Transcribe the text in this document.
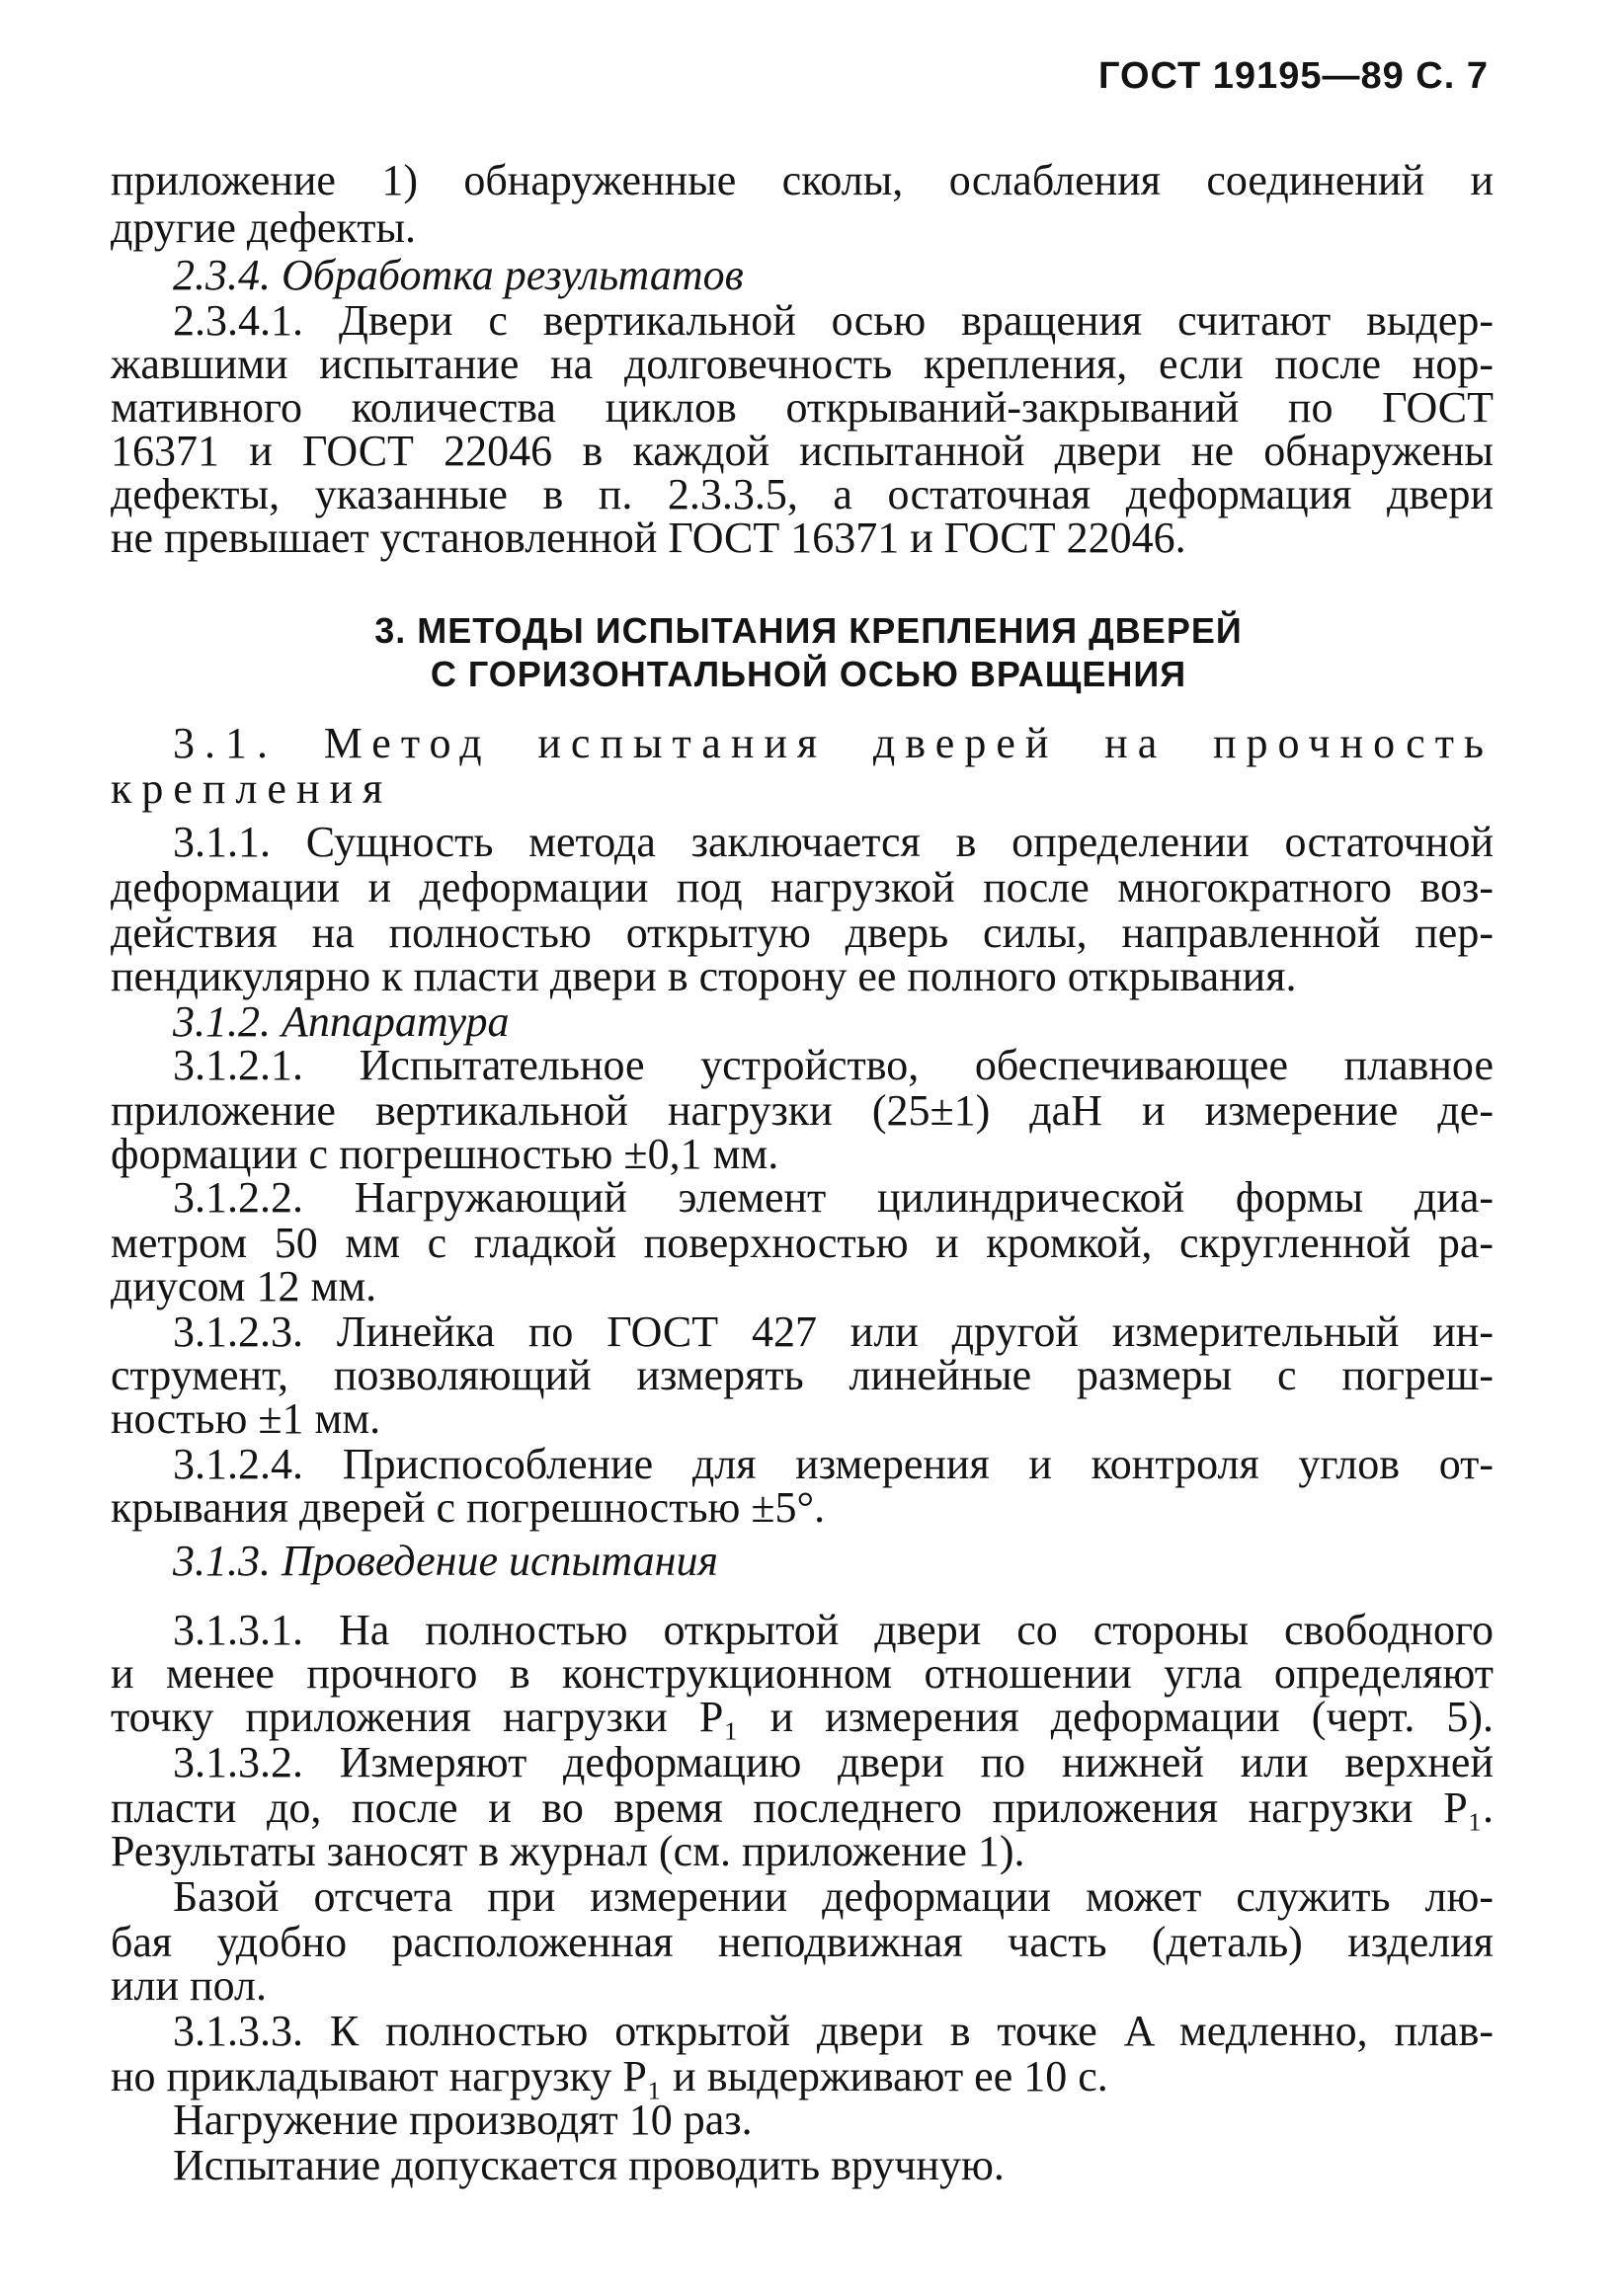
ГОСТ 19195—89 С. 7
приложение 1) обнаруженные сколы, ослабления соединений и
другие дефекты.
2.3.4. Обработка результатов
2.3.4.1. Двери с вертикальной осью вращения считают выдер-
жавшими испытание на долговечность крепления, если после нор-
мативного количества циклов открываний-закрываний по ГОСТ
16371 и ГОСТ 22046 в каждой испытанной двери не обнаружены
дефекты, указанные в п. 2.3.3.5, а остаточная деформация двери
не превышает установленной ГОСТ 16371 и ГОСТ 22046.
3. МЕТОДЫ ИСПЫТАНИЯ КРЕПЛЕНИЯ ДВЕРЕЙ
С ГОРИЗОНТАЛЬНОЙ ОСЬЮ ВРАЩЕНИЯ
3.1. Метод испытания дверей на прочность
крепления
3.1.1. Сущность метода заключается в определении остаточной
деформации и деформации под нагрузкой после многократного воз-
действия на полностью открытую дверь силы, направленной пер-
пендикулярно к пласти двери в сторону ее полного открывания.
3.1.2. Аппаратура
3.1.2.1. Испытательное устройство, обеспечивающее плавное
приложение вертикальной нагрузки (25±1) даН и измерение де-
формации с погрешностью ±0,1 мм.
3.1.2.2. Нагружающий элемент цилиндрической формы диа-
метром 50 мм с гладкой поверхностью и кромкой, скругленной ра-
диусом 12 мм.
3.1.2.3. Линейка по ГОСТ 427 или другой измерительный ин-
струмент, позволяющий измерять линейные размеры с погреш-
ностью ±1 мм.
3.1.2.4. Приспособление для измерения и контроля углов от-
крывания дверей с погрешностью ±5°.
3.1.3. Проведение испытания
3.1.3.1. На полностью открытой двери со стороны свободного
и менее прочного в конструкционном отношении угла определяют
точку приложения нагрузки P₁ и измерения деформации (черт. 5).
3.1.3.2. Измеряют деформацию двери по нижней или верхней
пласти до, после и во время последнего приложения нагрузки P₁.
Результаты заносят в журнал (см. приложение 1).
Базой отсчета при измерении деформации может служить лю-
бая удобно расположенная неподвижная часть (деталь) изделия
или пол.
3.1.3.3. К полностью открытой двери в точке A медленно, плав-
но прикладывают нагрузку P₁ и выдерживают ее 10 с.
Нагружение производят 10 раз.
Испытание допускается проводить вручную.
